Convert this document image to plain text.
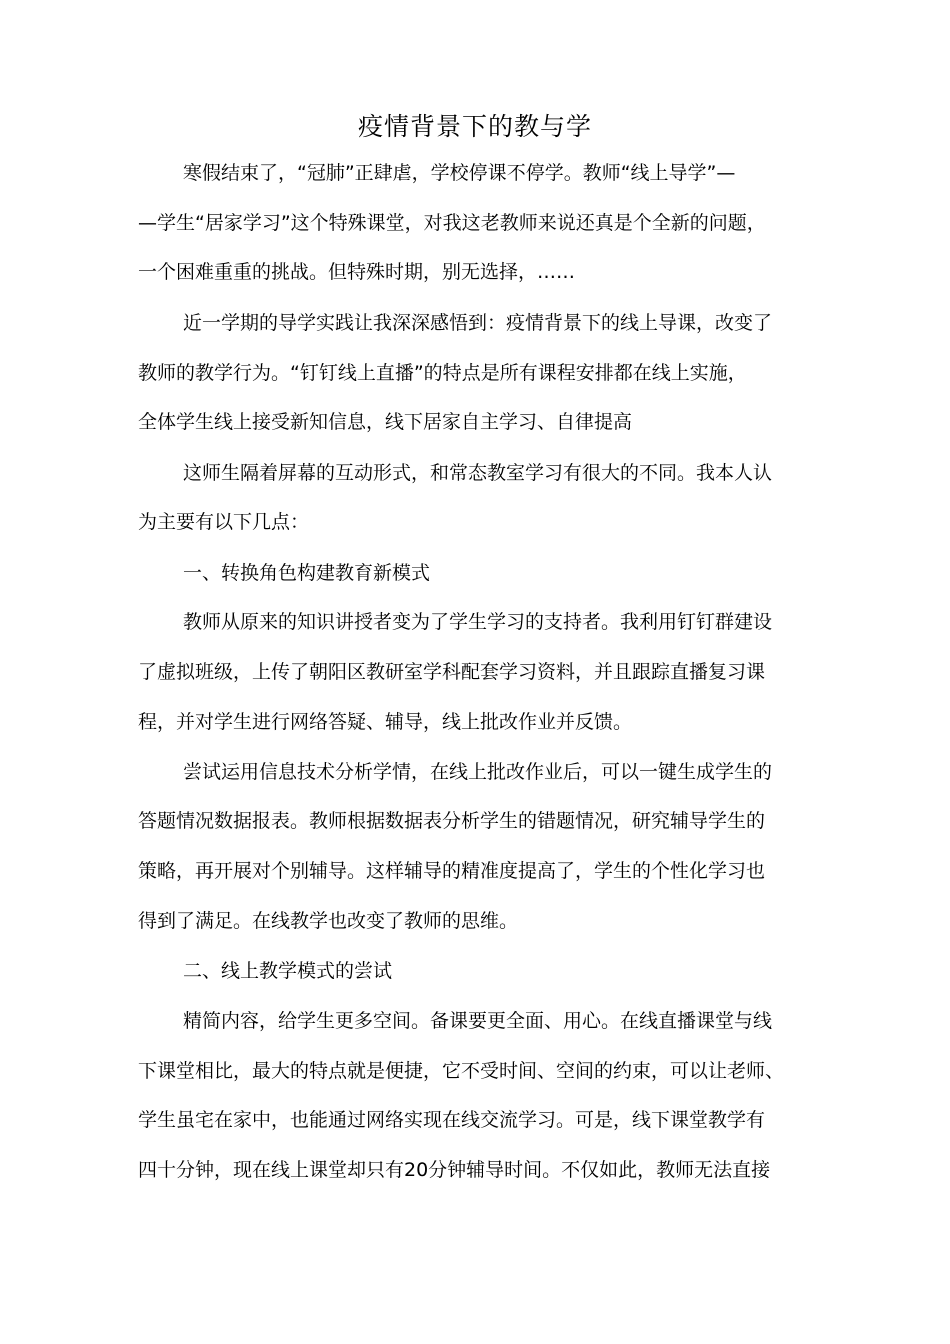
疫情背景下的教与学
寒假结束了，“冠肺”正肆虐，学校停课不停学。教师“线上导学”—
—学生“居家学习”这个特殊课堂，对我这老教师来说还真是个全新的问题，
一个困难重重的挑战。但特殊时期，别无选择，……
近一学期的导学实践让我深深感悟到：疫情背景下的线上导课，改变了
教师的教学行为。“钉钉线上直播”的特点是所有课程安排都在线上实施，
全体学生线上接受新知信息，线下居家自主学习、自律提高
这师生隔着屏幕的互动形式，和常态教室学习有很大的不同。我本人认
为主要有以下几点：
一、转换角色构建教育新模式
教师从原来的知识讲授者变为了学生学习的支持者。我利用钉钉群建设
了虚拟班级，上传了朝阳区教研室学科配套学习资料，并且跟踪直播复习课
程，并对学生进行网络答疑、辅导，线上批改作业并反馈。
尝试运用信息技术分析学情，在线上批改作业后，可以一键生成学生的
答题情况数据报表。教师根据数据表分析学生的错题情况，研究辅导学生的
策略，再开展对个别辅导。这样辅导的精准度提高了，学生的个性化学习也
得到了满足。在线教学也改变了教师的思维。
二、线上教学模式的尝试
精简内容，给学生更多空间。备课要更全面、用心。在线直播课堂与线
下课堂相比，最大的特点就是便捷，它不受时间、空间的约束，可以让老师、
学生虽宅在家中，也能通过网络实现在线交流学习。可是，线下课堂教学有
四十分钟，现在线上课堂却只有20分钟辅导时间。不仅如此，教师无法直接
